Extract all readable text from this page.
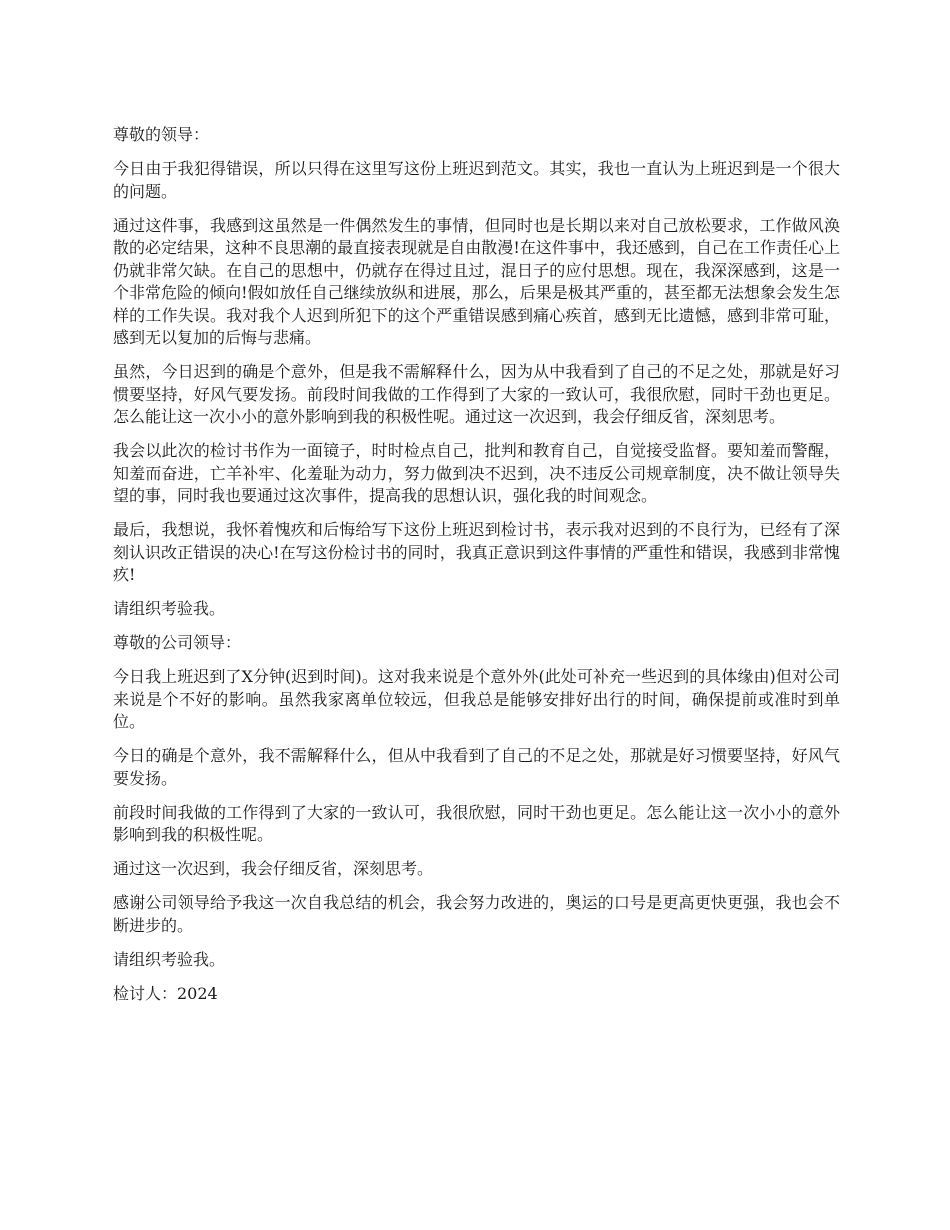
尊敬的领导：

今日由于我犯得错误，所以只得在这里写这份上班迟到范文。其实，我也一直认为上班迟到是一个很大的问题。

通过这件事，我感到这虽然是一件偶然发生的事情，但同时也是长期以来对自己放松要求，工作做风涣散的必定结果，这种不良思潮的最直接表现就是自由散漫!在这件事中，我还感到，自己在工作责任心上仍就非常欠缺。在自己的思想中，仍就存在得过且过，混日子的应付思想。现在，我深深感到，这是一个非常危险的倾向!假如放任自己继续放纵和进展，那么，后果是极其严重的，甚至都无法想象会发生怎样的工作失误。我对我个人迟到所犯下的这个严重错误感到痛心疾首，感到无比遗憾，感到非常可耻，感到无以复加的后悔与悲痛。

虽然，今日迟到的确是个意外，但是我不需解释什么，因为从中我看到了自己的不足之处，那就是好习惯要坚持，好风气要发扬。前段时间我做的工作得到了大家的一致认可，我很欣慰，同时干劲也更足。怎么能让这一次小小的意外影响到我的积极性呢。通过这一次迟到，我会仔细反省，深刻思考。

我会以此次的检讨书作为一面镜子，时时检点自己，批判和教育自己，自觉接受监督。要知羞而警醒，知羞而奋进，亡羊补牢、化羞耻为动力，努力做到决不迟到，决不违反公司规章制度，决不做让领导失望的事，同时我也要通过这次事件，提高我的思想认识，强化我的时间观念。

最后，我想说，我怀着愧疚和后悔给写下这份上班迟到检讨书，表示我对迟到的不良行为，已经有了深刻认识改正错误的决心!在写这份检讨书的同时，我真正意识到这件事情的严重性和错误，我感到非常愧疚!

请组织考验我。

尊敬的公司领导：

今日我上班迟到了X分钟(迟到时间)。这对我来说是个意外外(此处可补充一些迟到的具体缘由)但对公司来说是个不好的影响。虽然我家离单位较远，但我总是能够安排好出行的时间，确保提前或准时到单位。

今日的确是个意外，我不需解释什么，但从中我看到了自己的不足之处，那就是好习惯要坚持，好风气要发扬。

前段时间我做的工作得到了大家的一致认可，我很欣慰，同时干劲也更足。怎么能让这一次小小的意外影响到我的积极性呢。

通过这一次迟到，我会仔细反省，深刻思考。

感谢公司领导给予我这一次自我总结的机会，我会努力改进的，奥运的口号是更高更快更强，我也会不断进步的。

请组织考验我。

检讨人：2024
